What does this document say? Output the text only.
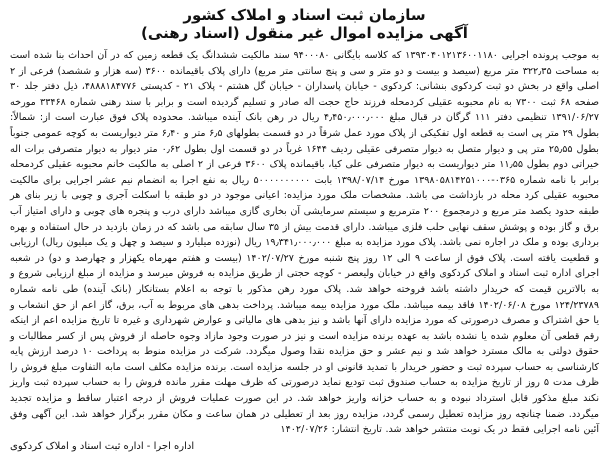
سازمان ثبت اسناد و املاک کشور
آگهی مزایده اموال غیر منقول (اسناد رهنی)
به موجب پرونده اجرایی ۱۳۹۳۰۴۰۱۲۱۳۶۰۰۱۱۸۰ که کلاسه بایگانی ۹۴۰۰۰۸۰ سند مالکیت ششدانگ یک قطعه زمین که در آن احداث بنا شده است به مساحت ۳۲۲٫۳۵ متر مربع (سیصد و بیست و دو متر و سی و پنج سانتی متر مربع) دارای پلاک باقیمانده ۳۶۰۰ (سه هزار و ششصد) فرعی از ۲ اصلی واقع در بخش دو ثبت کردکوی بنشانی: کردکوی - خیابان پاسداران - خیابان گل هشتم - پلاک ۲۱ - کدپستی ۴۸۸۸۱۸۴۷۷۶، ذیل دفتر جلد ۳۰ صفحه ۶۸ ثبت ۷۳۰۰ به نام محبوبه عقیلی کردمحله فرزند حاج حجت اله صادر و تسلیم گردیده است و برابر با سند رهنی شماره ۳۳۴۶۸ مورخه ۱۳۹۱/۰۶/۲۷ تنظیمی دفتر ۱۱۱ گرگان در قبال مبلغ ۴٫۴۵۰٫۰۰۰٫۰۰۰ ریال در رهن بانک آینده میباشد. محدوده پلاک فوق عبارت است از: شمالاً: بطول ۲۹ متر پی است به قطعه اول تفکیکی از پلاک مورد عمل شرقاً در دو قسمت بطولهای ۶٫۵ متر و ۶٫۴۰ متر دیواریست به کوچه عمومی جنوباً بطول ۲۵٫۵۵ متر پی و دیوار متصل به دیوار متصرفی عقیلی ردیف ۱۶۴۴ غرباً در دو قسمت اول بطول ۰٫۶۲ متر دیوار به دیوار متصرفی برات اله خیراتی دوم بطول ۱۱٫۵۵ متر دیواریست به دیوار متصرفی علی کیا، باقیمانده پلاک ۳۶۰۰ فرعی از ۲ اصلی به مالکیت خانم محبوبه عقیلی کردمحله برابر با نامه شماره ۰۳۶۵-۱۳۹۸۰۵۸۱۴۲۵۱۰۰۰ مورخ ۱۳۹۸/۰۷/۱۴ بابت ۵۰۰۰۰۰۰۰۰۰۰ ریال به نفع اجرا به انضمام نیم عشر اجرایی برای مالکیت محبوبه عقیلی کرد محله در بازداشت می باشد. مشخصات ملک مورد مزایده: اعیانی موجود در دو طبقه با اسکلت آجری و چوبی با زیر بنای هر طبقه حدود یکصد متر مربع و درمجموع ۲۰۰ مترمربع و سیستم سرمایشی آن بخاری گازی میباشد دارای درب و پنجره های چوبی و دارای امتیاز آب برق و گاز بوده و پوشش سقف نهایی حلب فلزی میباشد. دارای قدمت بیش از ۳۵ سال سابقه می باشد که در زمان بازدید در حال استفاده و بهره برداری بوده و ملک در اجاره نمی باشد. پلاک مورد مزایده به مبلغ ۱۹٫۳۴۱٫۰۰۰٫۰۰۰ ریال (نوزده میلیارد و سیصد و چهل و یک میلیون ریال) ارزیابی و قطعیت یافته است. پلاک فوق از ساعت ۹ الی ۱۲ روز پنج شنبه مورخ ۱۴۰۲/۰۷/۲۷ (بیست و هفتم مهرماه یکهزار و چهارصد و دو) در شعبه اجرای اداره ثبت اسناد و املاک کردکوی واقع در خیابان ولیعصر - کوچه حجتی از طریق مزایده به فروش میرسد و مزایده از مبلغ ارزیابی شروع و به بالاترین قیمت که خریدار داشته باشد فروخته خواهد شد. پلاک مورد رهن مذکور با توجه به اعلام بستانکار (بانک آینده) طی نامه شماره ۱۲۴/۲۳۷۸۹ مورخ ۱۴۰۲/۰۶/۰۸ فاقد بیمه میباشد. ملک مورد مزایده بیمه میباشد. پرداخت بدهی های مربوط به آب، برق، گاز اعم از حق انشعاب و یا حق اشتراک و مصرف درصورتی که مورد مزایده دارای آنها باشد و نیز بدهی های مالیاتی و عوارض شهرداری و غیره تا تاریخ مزایده اعم از اینکه رقم قطعی آن معلوم شده یا نشده باشد به عهده برنده مزایده است و نیز در صورت وجود مازاد وجوه حاصله از فروش پس از کسر مطالبات و حقوق دولتی به مالک مسترد خواهد شد و نیم عشر و حق مزایده نقدا وصول میگردد. شرکت در مزایده منوط به پرداخت ۱۰ درصد ارزش پایه کارشناسی به حساب سپرده ثبت و حضور خریدار با تمدید قانونی او در جلسه مزایده است. برنده مزایده مکلف است مابه التفاوت مبلغ فروش را ظرف مدت ۵ روز از تاریخ مزایده به حساب صندوق ثبت تودیع نماید درصورتی که ظرف مهلت مقرر مانده فروش را به حساب سپرده ثبت واریز نکند مبلغ مذکور قابل استرداد نبوده و به حساب خزانه واریز خواهد شد. در این صورت عملیات فروش از درجه اعتبار ساقط و مزایده تجدید میگردد. ضمنا چنانچه روز مزایده تعطیل رسمی گردد، مزایده روز بعد از تعطیلی در همان ساعت و مکان مقرر برگزار خواهد شد. این آگهی وفق آئین نامه اجرایی فقط در یک نوبت منتشر خواهد شد. تاریخ انتشار: ۱۴۰۲/۰۷/۲۶
اداره اجرا - اداره ثبت اسناد و املاک کردکوی
